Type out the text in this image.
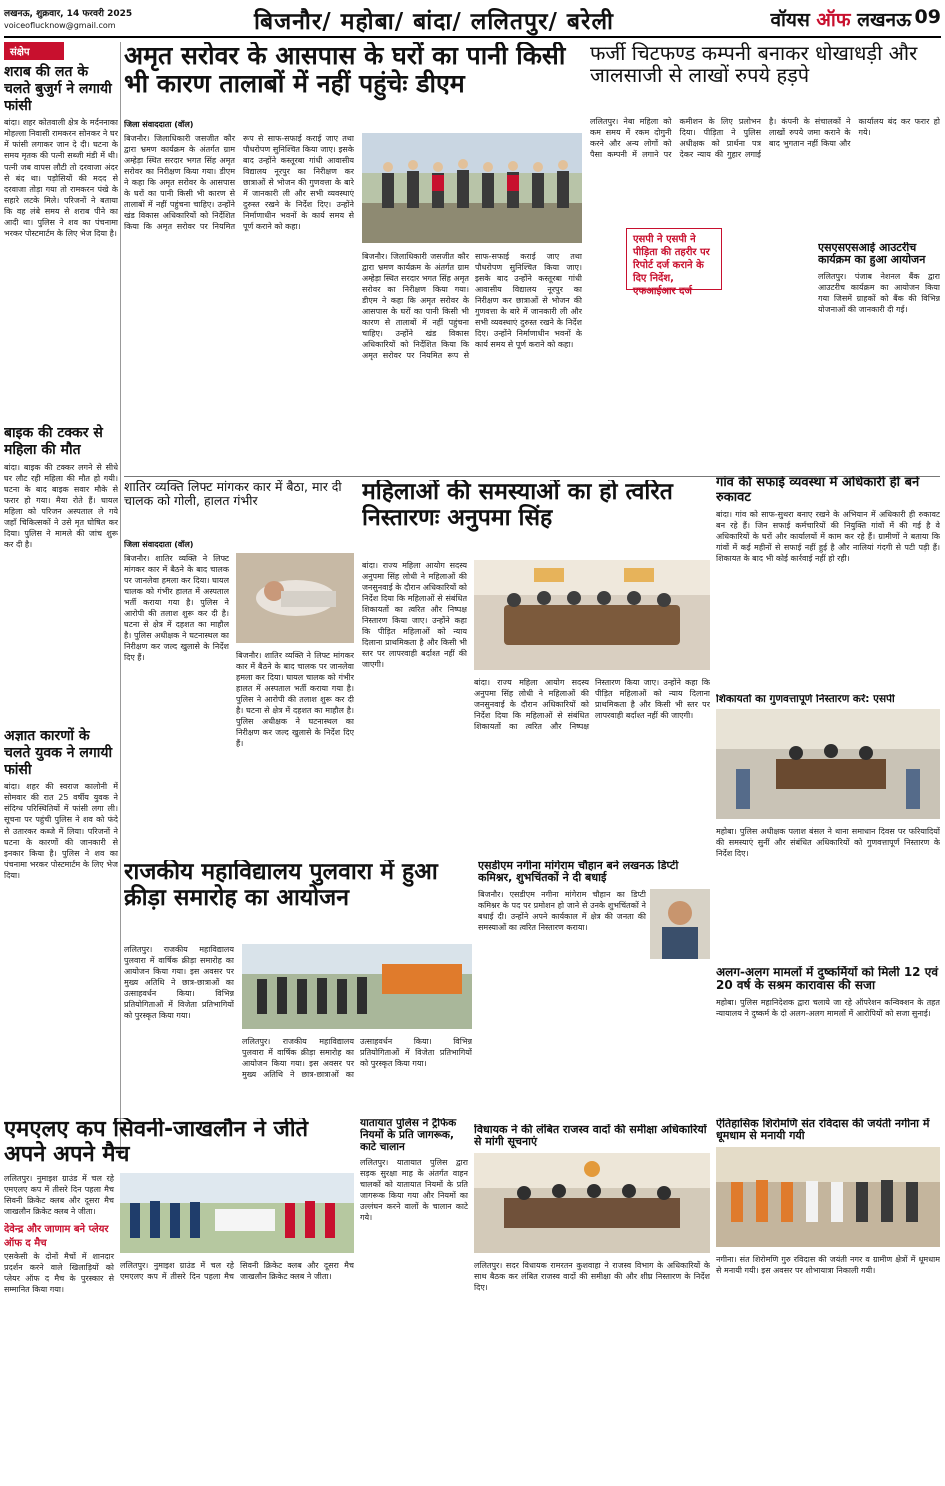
लखनऊ, शुक्रवार, 14 फरवरी 2025
voiceoflucknow@gmail.com	बिजनौर/ महोबा/ बांदा/ ललितपुर/ बरेली	वॉयस ऑफ लखनऊ 09
संक्षेप
शराब की लत के चलते बुजुर्ग ने लगायी फांसी
बांदा। शहर कोतवाली क्षेत्र के मर्दननाका मोहल्ला निवासी रामकरन सोनकर ने घर में फांसी लगाकर जान दे दी। घटना के समय मृतक की पत्नी सब्जी मंडी में थी। पत्नी जब वापस लौटी तो दरवाजा अंदर से बंद था। पड़ोसियों की मदद से दरवाजा तोड़ा गया तो रामकरन पंखे के सहारे लटके मिले। परिजनों ने बताया कि वह लंबे समय से शराब पीने का आदी था। पुलिस ने शव का पंचनामा भरकर पोस्टमार्टम के लिए भेज दिया है।
बाइक की टक्कर से महिला की मौत
बांदा। बाइक की टक्कर लगने से सीधे घर लौट रही महिला की मौत हो गयी। घटना के बाद बाइक सवार मौके से फरार हो गया। मैया रोते हैं। घायल महिला को परिजन अस्पताल ले गये जहाँ चिकित्सकों ने उसे मृत घोषित कर दिया। पुलिस ने मामले की जांच शुरू कर दी है।
अज्ञात कारणों के चलते युवक ने लगायी फांसी
बांदा। शहर की स्वराज कालोनी में सोमवार की रात 25 वर्षीय युवक ने संदिग्ध परिस्थितियों में फांसी लगा ली। सूचना पर पहुंची पुलिस ने शव को फंदे से उतारकर कब्जे में लिया। परिजनों ने घटना के कारणों की जानकारी से इनकार किया है। पुलिस ने शव का पंचनामा भरकर पोस्टमार्टम के लिए भेज दिया।
अमृत सरोवर के आसपास के घरों का पानी किसी भी कारण तालाबों में नहीं पहुंचेः डीएम
जिला संवाददाता (वॉल)
बिजनौर। जिलाधिकारी जसजीत कौर द्वारा भ्रमण कार्यक्रम के अंतर्गत ग्राम अम्हेड़ा स्थित सरदार भगत सिंह अमृत सरोवर का निरीक्षण किया गया। डीएम ने कहा कि अमृत सरोवर के आसपास के घरों का पानी किसी भी कारण से तालाबों में नहीं पहुंचना चाहिए। उन्होंने खंड विकास अधिकारियों को निर्देशित किया कि अमृत सरोवर पर नियमित रूप से साफ-सफाई कराई जाए तथा पौधरोपण सुनिश्चित किया जाए। इसके बाद उन्होंने कस्तूरबा गांधी आवासीय विद्यालय नूरपुर का निरीक्षण कर छात्राओं से भोजन की गुणवत्ता के बारे में जानकारी ली और सभी व्यवस्थाएं दुरुस्त रखने के निर्देश दिए। उन्होंने निर्माणाधीन भवनों के कार्य समय से पूर्ण कराने को कहा।
बिजनौर। जिलाधिकारी जसजीत कौर द्वारा भ्रमण कार्यक्रम के अंतर्गत ग्राम अम्हेड़ा स्थित सरदार भगत सिंह अमृत सरोवर का निरीक्षण किया गया। डीएम ने कहा कि अमृत सरोवर के आसपास के घरों का पानी किसी भी कारण से तालाबों में नहीं पहुंचना चाहिए। उन्होंने खंड विकास अधिकारियों को निर्देशित किया कि अमृत सरोवर पर नियमित रूप से साफ-सफाई कराई जाए तथा पौधरोपण सुनिश्चित किया जाए। इसके बाद उन्होंने कस्तूरबा गांधी आवासीय विद्यालय नूरपुर का निरीक्षण कर छात्राओं से भोजन की गुणवत्ता के बारे में जानकारी ली और सभी व्यवस्थाएं दुरुस्त रखने के निर्देश दिए। उन्होंने निर्माणाधीन भवनों के कार्य समय से पूर्ण कराने को कहा।
फर्जी चिटफण्ड कम्पनी बनाकर धोखाधड़ी और जालसाजी से लाखों रुपये हड़पे
ललितपुर। नेबा महिला को कम समय में रकम दोगुनी करने और अन्य लोगों को पैसा कम्पनी में लगाने पर कमीशन के लिए प्रलोभन दिया। पीड़िता ने पुलिस अधीक्षक को प्रार्थना पत्र देकर न्याय की गुहार लगाई है। कंपनी के संचालकों ने लाखों रुपये जमा कराने के बाद भुगतान नहीं किया और कार्यालय बंद कर फरार हो गये।
एसपी ने एसपी ने पीड़िता की तहरीर पर रिपोर्ट दर्ज कराने के दिए निर्देश, एफआईआर दर्ज
एसएसएसआई आउटरीच कार्यक्रम का हुआ आयोजन
ललितपुर। पंजाब नेशनल बैंक द्वारा आउटरीच कार्यक्रम का आयोजन किया गया जिसमें ग्राहकों को बैंक की विभिन्न योजनाओं की जानकारी दी गई।
शातिर व्यक्ति लिफ्ट मांगकर कार में बैठा, मार दी चालक को गोली, हालत गंभीर
जिला संवाददाता (वॉल)
बिजनौर। शातिर व्यक्ति ने लिफ्ट मांगकर कार में बैठने के बाद चालक पर जानलेवा हमला कर दिया। घायल चालक को गंभीर हालत में अस्पताल भर्ती कराया गया है। पुलिस ने आरोपी की तलाश शुरू कर दी है। घटना से क्षेत्र में दहशत का माहौल है। पुलिस अधीक्षक ने घटनास्थल का निरीक्षण कर जल्द खुलासे के निर्देश दिए हैं।	बिजनौर। शातिर व्यक्ति ने लिफ्ट मांगकर कार में बैठने के बाद चालक पर जानलेवा हमला कर दिया। घायल चालक को गंभीर हालत में अस्पताल भर्ती कराया गया है। पुलिस ने आरोपी की तलाश शुरू कर दी है। घटना से क्षेत्र में दहशत का माहौल है। पुलिस अधीक्षक ने घटनास्थल का निरीक्षण कर जल्द खुलासे के निर्देश दिए हैं।
महिलाओं की समस्याओं का हो त्वरित निस्तारणः अनुपमा सिंह
बांदा। राज्य महिला आयोग सदस्य अनुपमा सिंह लोधी ने महिलाओं की जनसुनवाई के दौरान अधिकारियों को निर्देश दिया कि महिलाओं से संबंधित शिकायतों का त्वरित और निष्पक्ष निस्तारण किया जाए। उन्होंने कहा कि पीड़ित महिलाओं को न्याय दिलाना प्राथमिकता है और किसी भी स्तर पर लापरवाही बर्दाश्त नहीं की जाएगी।
बांदा। राज्य महिला आयोग सदस्य अनुपमा सिंह लोधी ने महिलाओं की जनसुनवाई के दौरान अधिकारियों को निर्देश दिया कि महिलाओं से संबंधित शिकायतों का त्वरित और निष्पक्ष निस्तारण किया जाए। उन्होंने कहा कि पीड़ित महिलाओं को न्याय दिलाना प्राथमिकता है और किसी भी स्तर पर लापरवाही बर्दाश्त नहीं की जाएगी।
गांव की सफाई व्यवस्था में अधिकारी ही बने रुकावट
बांदा। गांव को साफ-सुथरा बनाए रखने के अभियान में अधिकारी ही रुकावट बन रहे हैं। जिन सफाई कर्मचारियों की नियुक्ति गांवों में की गई है वे अधिकारियों के घरों और कार्यालयों में काम कर रहे हैं। ग्रामीणों ने बताया कि गांवों में कई महीनों से सफाई नहीं हुई है और नालियां गंदगी से पटी पड़ी हैं। शिकायत के बाद भी कोई कार्रवाई नहीं हो रही।
शिकायतों का गुणवत्तापूर्ण निस्तारण करें: एसपी
महोबा। पुलिस अधीक्षक पलाश बंसल ने थाना समाधान दिवस पर फरियादियों की समस्याएं सुनीं और संबंधित अधिकारियों को गुणवत्तापूर्ण निस्तारण के निर्देश दिए।
अलग-अलग मामलों में दुष्कर्मियों को मिली 12 एवं 20 वर्ष के सश्रम कारावास की सजा
महोबा। पुलिस महानिदेशक द्वारा चलाये जा रहे ऑपरेशन कन्विक्शन के तहत न्यायालय ने दुष्कर्म के दो अलग-अलग मामलों में आरोपियों को सजा सुनाई।
राजकीय महाविद्यालय पुलवारा में हुआ क्रीड़ा समारोह का आयोजन
ललितपुर। राजकीय महाविद्यालय पुलवारा में वार्षिक क्रीड़ा समारोह का आयोजन किया गया। इस अवसर पर मुख्य अतिथि ने छात्र-छात्राओं का उत्साहवर्धन किया। विभिन्न प्रतियोगिताओं में विजेता प्रतिभागियों को पुरस्कृत किया गया।
ललितपुर। राजकीय महाविद्यालय पुलवारा में वार्षिक क्रीड़ा समारोह का आयोजन किया गया। इस अवसर पर मुख्य अतिथि ने छात्र-छात्राओं का उत्साहवर्धन किया। विभिन्न प्रतियोगिताओं में विजेता प्रतिभागियों को पुरस्कृत किया गया।
एसडीएम नगीना मांगेराम चौहान बने लखनऊ डिप्टी कमिश्नर, शुभचिंतकों ने दी बधाई
बिजनौर। एसडीएम नगीना मांगेराम चौहान का डिप्टी कमिश्नर के पद पर प्रमोशन हो जाने से उनके शुभचिंतकों ने बधाई दी। उन्होंने अपने कार्यकाल में क्षेत्र की जनता की समस्याओं का त्वरित निस्तारण कराया।
एमएलए कप सिवनी-जाखलौन ने जीते अपने अपने मैच
ललितपुर। नुमाइश ग्राउंड में चल रहे एमएलए कप में तीसरे दिन पहला मैच सिवनी क्रिकेट क्लब और दूसरा मैच जाखलौन क्रिकेट क्लब ने जीता।
देवेन्द्र और जाणाम बने प्लेयर ऑफ द मैच
एसकेसी के दोनों मैचों में शानदार प्रदर्शन करने वाले खिलाड़ियों को प्लेयर ऑफ द मैच के पुरस्कार से सम्मानित किया गया।
ललितपुर। नुमाइश ग्राउंड में चल रहे एमएलए कप में तीसरे दिन पहला मैच सिवनी क्रिकेट क्लब और दूसरा मैच जाखलौन क्रिकेट क्लब ने जीता।
यातायात पुलिस ने ट्रैफिक नियमों के प्रति जागरूक, काटे चालान
ललितपुर। यातायात पुलिस द्वारा सड़क सुरक्षा माह के अंतर्गत वाहन चालकों को यातायात नियमों के प्रति जागरूक किया गया और नियमों का उल्लंघन करने वालों के चालान काटे गये।
विधायक ने की लंबित राजस्व वादों की समीक्षा अधिकारियों से मांगी सूचनाएं
ललितपुर। सदर विधायक रामरतन कुशवाहा ने राजस्व विभाग के अधिकारियों के साथ बैठक कर लंबित राजस्व वादों की समीक्षा की और शीघ्र निस्तारण के निर्देश दिए।
ऐतिहासिक शिरोमणि संत रविदास की जयंती नगीना में धूमधाम से मनायी गयी
नगीना। संत शिरोमणि गुरु रविदास की जयंती नगर व ग्रामीण क्षेत्रों में धूमधाम से मनायी गयी। इस अवसर पर शोभायात्रा निकाली गयी।
